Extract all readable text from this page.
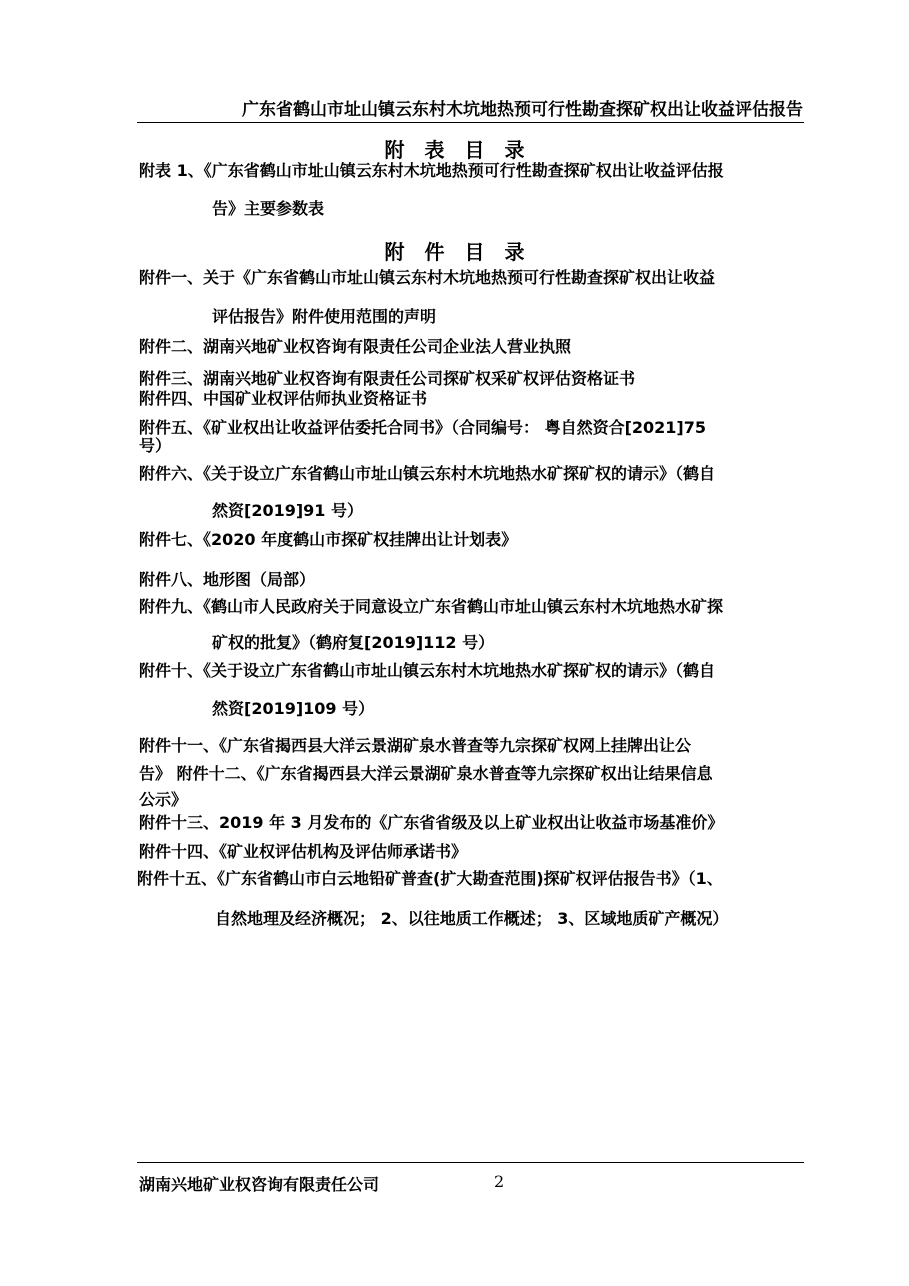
广东省鹤山市址山镇云东村木坑地热预可行性勘查探矿权出让收益评估报告
附　表　目　录
附表 1、《广东省鹤山市址山镇云东村木坑地热预可行性勘查探矿权出让收益评估报
告》主要参数表
附　件　目　录
附件一、关于《广东省鹤山市址山镇云东村木坑地热预可行性勘查探矿权出让收益
评估报告》附件使用范围的声明
附件二、湖南兴地矿业权咨询有限责任公司企业法人营业执照
附件三、湖南兴地矿业权咨询有限责任公司探矿权采矿权评估资格证书
附件四、中国矿业权评估师执业资格证书
附件五、《矿业权出让收益评估委托合同书》（合同编号： 粤自然资合[2021]75
号）
附件六、《关于设立广东省鹤山市址山镇云东村木坑地热水矿探矿权的请示》（鹤自
然资[2019]91 号）
附件七、《2020 年度鹤山市探矿权挂牌出让计划表》
附件八、地形图（局部）
附件九、《鹤山市人民政府关于同意设立广东省鹤山市址山镇云东村木坑地热水矿探
矿权的批复》（鹤府复[2019]112 号）
附件十、《关于设立广东省鹤山市址山镇云东村木坑地热水矿探矿权的请示》（鹤自
然资[2019]109 号）
附件十一、《广东省揭西县大洋云景湖矿泉水普查等九宗探矿权网上挂牌出让公
告》 附件十二、《广东省揭西县大洋云景湖矿泉水普查等九宗探矿权出让结果信息
公示》
附件十三、2019 年 3 月发布的《广东省省级及以上矿业权出让收益市场基准价》
附件十四、《矿业权评估机构及评估师承诺书》
附件十五、《广东省鹤山市白云地铅矿普查(扩大勘查范围)探矿权评估报告书》（1、
自然地理及经济概况； 2、以往地质工作概述； 3、区域地质矿产概况）
湖南兴地矿业权咨询有限责任公司	2
